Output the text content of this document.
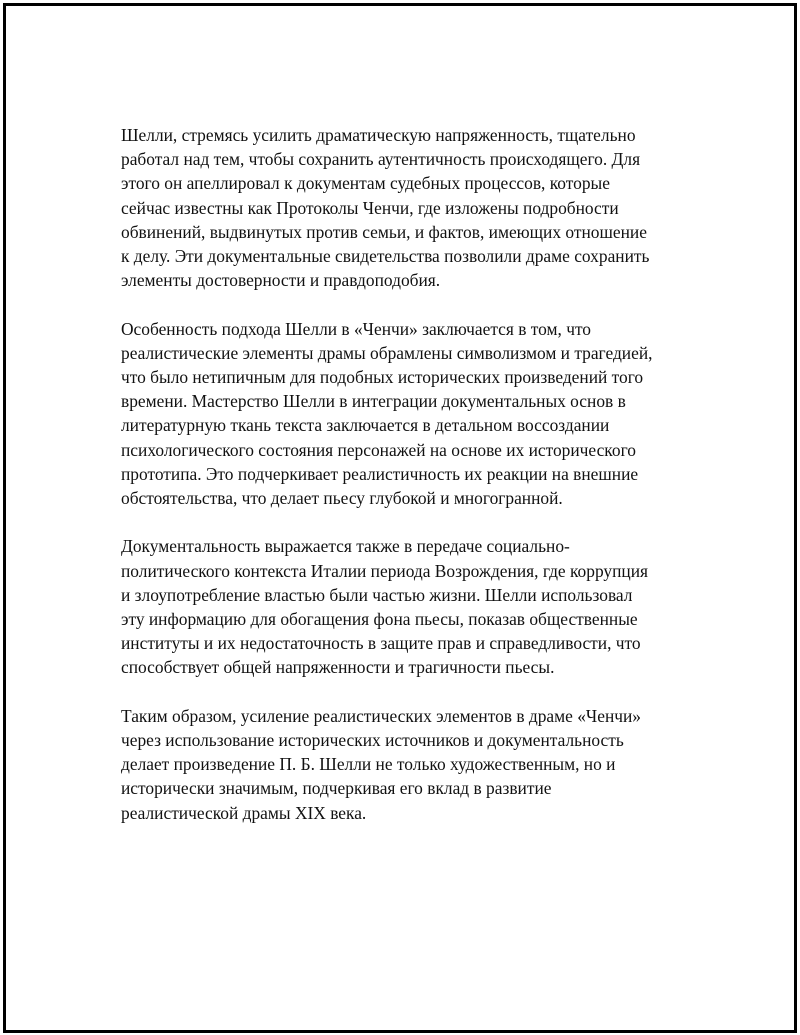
Шелли, стремясь усилить драматическую напряженность, тщательно
работал над тем, чтобы сохранить аутентичность происходящего. Для
этого он апеллировал к документам судебных процессов, которые
сейчас известны как Протоколы Ченчи, где изложены подробности
обвинений, выдвинутых против семьи, и фактов, имеющих отношение
к делу. Эти документальные свидетельства позволили драме сохранить
элементы достоверности и правдоподобия.

Особенность подхода Шелли в «Ченчи» заключается в том, что
реалистические элементы драмы обрамлены символизмом и трагедией,
что было нетипичным для подобных исторических произведений того
времени. Мастерство Шелли в интеграции документальных основ в
литературную ткань текста заключается в детальном воссоздании
психологического состояния персонажей на основе их исторического
прототипа. Это подчеркивает реалистичность их реакции на внешние
обстоятельства, что делает пьесу глубокой и многогранной.

Документальность выражается также в передаче социально-
политического контекста Италии периода Возрождения, где коррупция
и злоупотребление властью были частью жизни. Шелли использовал
эту информацию для обогащения фона пьесы, показав общественные
институты и их недостаточность в защите прав и справедливости, что
способствует общей напряженности и трагичности пьесы.

Таким образом, усиление реалистических элементов в драме «Ченчи»
через использование исторических источников и документальность
делает произведение П. Б. Шелли не только художественным, но и
исторически значимым, подчеркивая его вклад в развитие
реалистической драмы XIX века.
